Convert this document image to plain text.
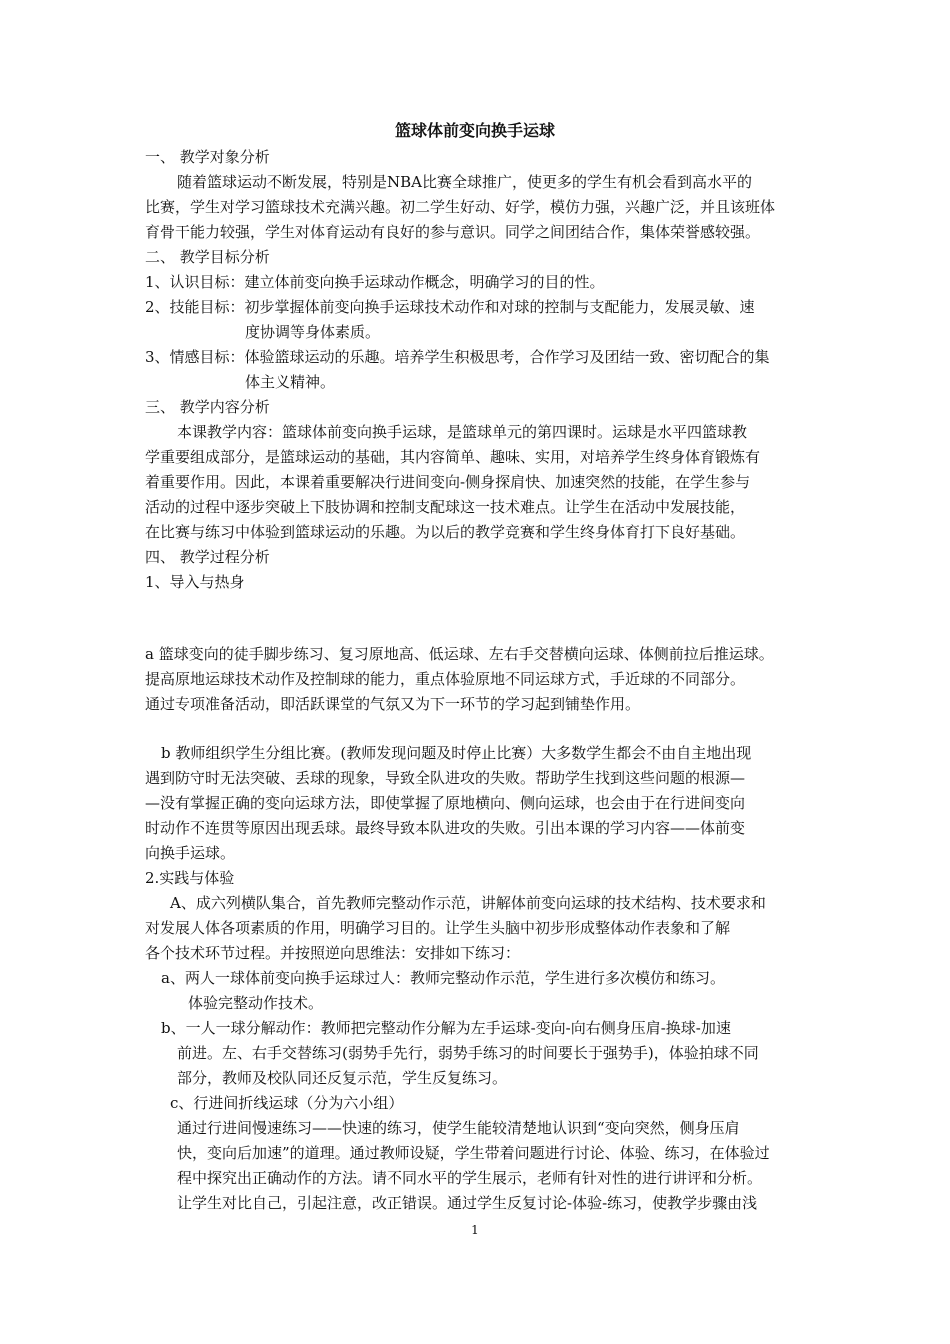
篮球体前变向换手运球
一、 教学对象分析
随着篮球运动不断发展，特别是NBA比赛全球推广，使更多的学生有机会看到高水平的
比赛，学生对学习篮球技术充满兴趣。初二学生好动、好学，模仿力强，兴趣广泛，并且该班体
育骨干能力较强，学生对体育运动有良好的参与意识。同学之间团结合作，集体荣誉感较强。
二、 教学目标分析
1、认识目标：建立体前变向换手运球动作概念，明确学习的目的性。
2、技能目标：初步掌握体前变向换手运球技术动作和对球的控制与支配能力，发展灵敏、速
度协调等身体素质。
3、情感目标：体验篮球运动的乐趣。培养学生积极思考，合作学习及团结一致、密切配合的集
体主义精神。
三、 教学内容分析
本课教学内容：篮球体前变向换手运球，是篮球单元的第四课时。运球是水平四篮球教
学重要组成部分，是篮球运动的基础，其内容简单、趣味、实用，对培养学生终身体育锻炼有
着重要作用。因此，本课着重要解决行进间变向-侧身探肩快、加速突然的技能，在学生参与
活动的过程中逐步突破上下肢协调和控制支配球这一技术难点。让学生在活动中发展技能，
在比赛与练习中体验到篮球运动的乐趣。为以后的教学竞赛和学生终身体育打下良好基础。
四、 教学过程分析
1、导入与热身
a 篮球变向的徒手脚步练习、复习原地高、低运球、左右手交替横向运球、体侧前拉后推运球。
提高原地运球技术动作及控制球的能力，重点体验原地不同运球方式，手近球的不同部分。
通过专项准备活动，即活跃课堂的气氛又为下一环节的学习起到铺垫作用。
b 教师组织学生分组比赛。(教师发现问题及时停止比赛）大多数学生都会不由自主地出现
遇到防守时无法突破、丢球的现象，导致全队进攻的失败。帮助学生找到这些问题的根源—
—没有掌握正确的变向运球方法，即使掌握了原地横向、侧向运球，也会由于在行进间变向
时动作不连贯等原因出现丢球。最终导致本队进攻的失败。引出本课的学习内容——体前变
向换手运球。
2.实践与体验
A、成六列横队集合，首先教师完整动作示范，讲解体前变向运球的技术结构、技术要求和
对发展人体各项素质的作用，明确学习目的。让学生头脑中初步形成整体动作表象和了解
各个技术环节过程。并按照逆向思维法：安排如下练习：
a、两人一球体前变向换手运球过人：教师完整动作示范，学生进行多次模仿和练习。
体验完整动作技术。
b、一人一球分解动作：教师把完整动作分解为左手运球-变向-向右侧身压肩-换球-加速
前进。左、右手交替练习(弱势手先行，弱势手练习的时间要长于强势手)，体验拍球不同
部分，教师及校队同还反复示范，学生反复练习。
c、行进间折线运球（分为六小组）
通过行进间慢速练习——快速的练习，使学生能较清楚地认识到“变向突然，侧身压肩
快，变向后加速”的道理。通过教师设疑，学生带着问题进行讨论、体验、练习，在体验过
程中探究出正确动作的方法。请不同水平的学生展示，老师有针对性的进行讲评和分析。
让学生对比自己，引起注意，改正错误。通过学生反复讨论-体验-练习，使教学步骤由浅
1
